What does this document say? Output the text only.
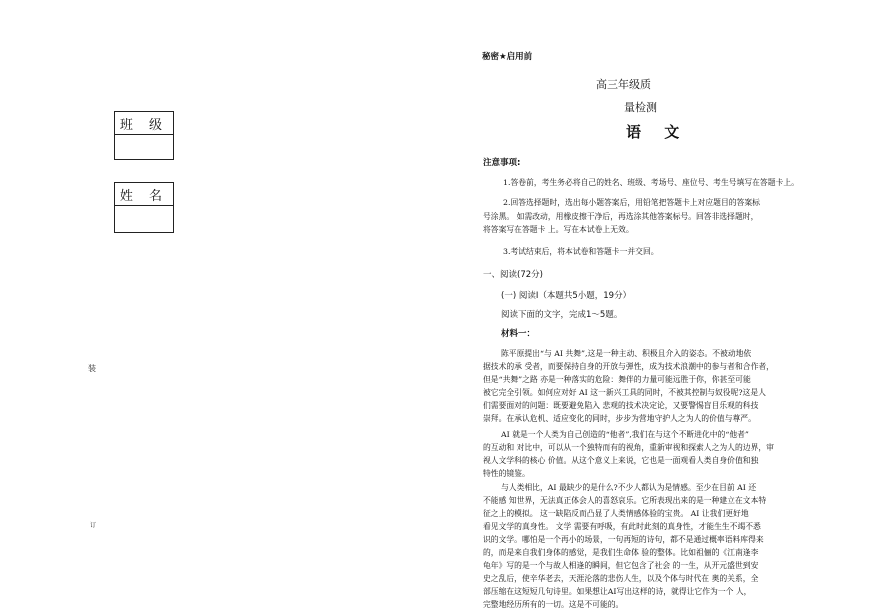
班 级
姓 名
装
订
秘密★启用前
高三年级质
量检测
语 文
注意事项:
1.答卷前，考生务必将自己的姓名、班级、考场号、座位号、考生号填写在答题卡上。
2.回答选择题时，选出每小题答案后，用铅笔把答题卡上对应题目的答案标
号涂黑。 如需改动，用橡皮擦干净后，再选涂其他答案标号。回答非选择题时，
将答案写在答题卡 上。写在本试卷上无效。
3.考试结束后，将本试卷和答题卡一并交回。
一、阅读(72分)
(一) 阅读I（本题共5小题，19分）
阅读下面的文字，完成1～5题。
材料一：
陈平原提出“与 AI 共舞”,这是一种主动、积极且介入的姿态。不被动地依
据技术的承 受者，而要保持自身的开放与弹性，成为技术浪潮中的参与者和合作者，
但是“共舞”之路 亦是一种落实的危险：舞伴的力量可能远胜于你，你甚至可能
被它完全引领。如何应对好 AI 这一新兴工具的同时，不被其控制与奴役呢?这是人
们需要面对的问题：既要避免陷入 悲观的技术决定论，又要警惕盲目乐观的科技
崇拜。在承认危机、适应变化的同时，步步为营地守护人之为人的价值与尊严。
AI 就是一个人类为自己创造的“他者”,我们在与这个不断进化中的“他者”
的互动和 对比中，可以从一个独特而有的视角，重新审视和探索人之为人的边界，审
视人文学科的核心 价值。从这个意义上来说，它也是一面观看人类自身价值和独
特性的镜鉴。
与人类相比，AI 最缺少的是什么?不少人都认为是情感。至少在目前 AI 还
不能感 知世界，无法真正体会人的喜怒哀乐。它所表现出来的是一种建立在文本特
征之上的模拟。 这一缺陷反而凸显了人类情感体验的宝贵。 AI 让我们更好地
看见文学的真身性。 文学 需要有呼吸，有此时此刻的真身性，才能生生不竭不悉
识的文学。哪怕是一个再小的场景，一句再短的诗句，都不是通过概率语料库得来
的，而是来自我们身体的感觉，是我们生命体 验的整体。比如祖俪的《江南逢李
龟年》写的是一个与故人相逢的瞬间，但它包含了社会 的一生，从开元盛世到安
史之乱后，使辛华老去，天涯沦落的悲伤人生，以及个体与时代在 奥的关系，全
部压缩在这短短几句诗里。如果想让AI写出这样的诗，就得让它作为一个 人，
完整地经历所有的一切。这是不可能的。
